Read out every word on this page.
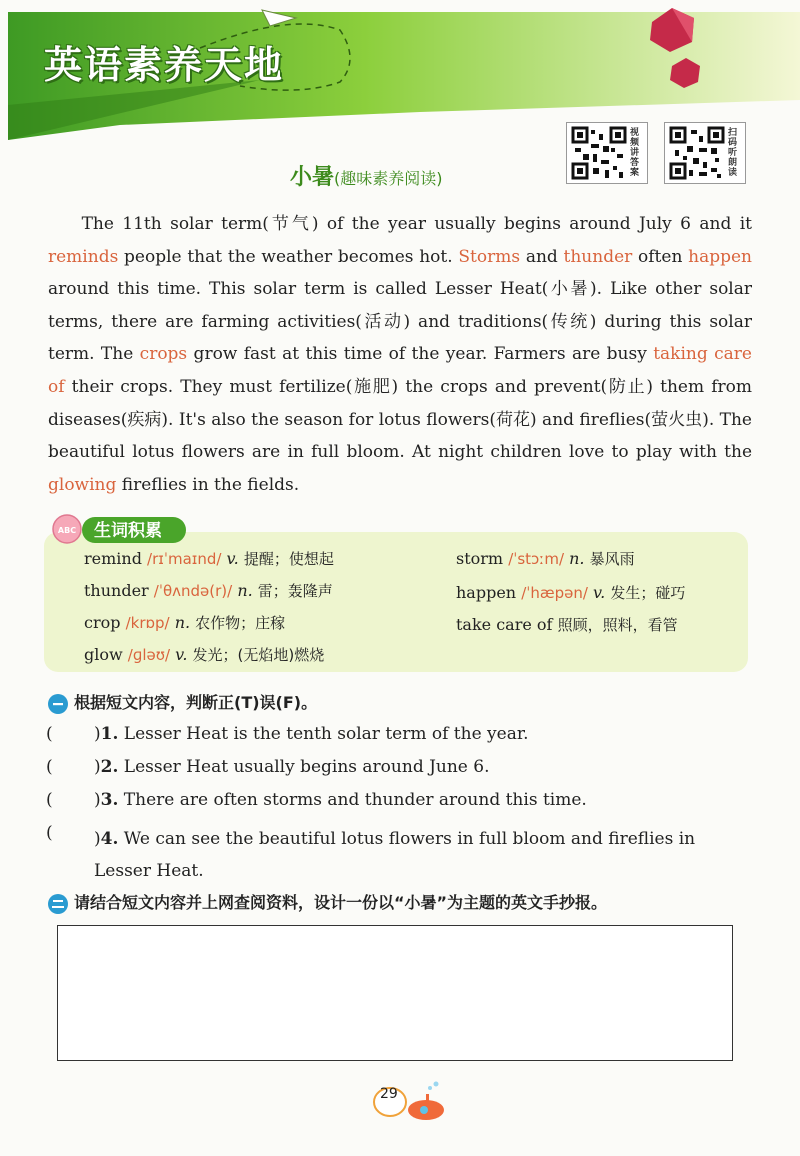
英语素养天地
视频讲答案
扫码听朗读
小暑(趣味素养阅读)
The 11th solar term(节气) of the year usually begins around July 6 and it reminds people that the weather becomes hot. Storms and thunder often happen around this time. This solar term is called Lesser Heat(小暑). Like other solar terms, there are farming activities(活动) and traditions(传统) during this solar term. The crops grow fast at this time of the year. Farmers are busy taking care of their crops. They must fertilize(施肥) the crops and prevent(防止) them from diseases(疾病). It's also the season for lotus flowers(荷花) and fireflies(萤火虫). The beautiful lotus flowers are in full bloom. At night children love to play with the glowing fireflies in the fields.
ABC 生词积累
remind /rɪˈmaɪnd/ v. 提醒；使想起	storm /ˈstɔːm/ n. 暴风雨
thunder /ˈθʌndə(r)/ n. 雷；轰隆声	happen /ˈhæpən/ v. 发生；碰巧
crop /krɒp/ n. 农作物；庄稼	take care of 照顾，照料，看管
glow /ɡləʊ/ v. 发光；(无焰地)燃烧
根据短文内容，判断正(T)误(F)。
( )1. Lesser Heat is the tenth solar term of the year.
( )2. Lesser Heat usually begins around June 6.
( )3. There are often storms and thunder around this time.
( )4. We can see the beautiful lotus flowers in full bloom and fireflies in Lesser Heat.
请结合短文内容并上网查阅资料，设计一份以“小暑”为主题的英文手抄报。
29
